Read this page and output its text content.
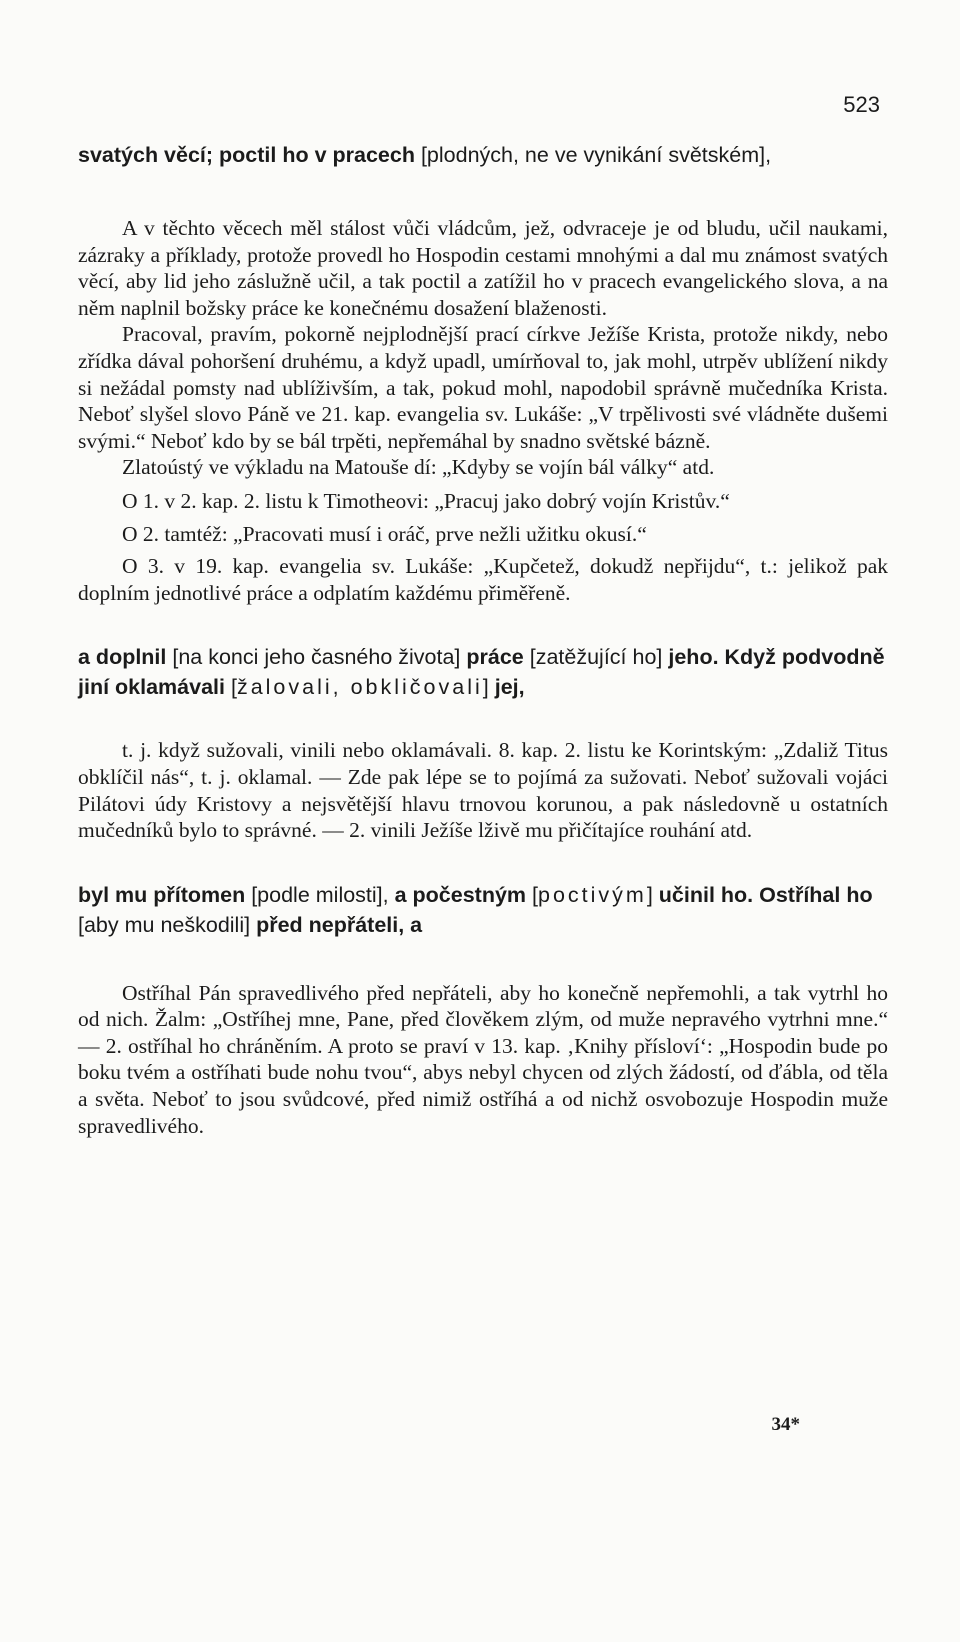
523

svatých věcí; poctil ho v pracech [plodných, ne ve vynikání světském],

A v těchto věcech měl stálost vůči vládcům, jež, odvraceje je od bludu, učil naukami, zázraky a příklady, protože provedl ho Hospodin cestami mnohými a dal mu známost svatých věcí, aby lid jeho záslužně učil, a tak poctil a zatížil ho v pracech evangelického slova, a na něm naplnil božsky práce ke konečnému dosažení blaženosti.

Pracoval, pravím, pokorně nejplodnější prací církve Ježíše Krista, protože nikdy, nebo zřídka dával pohoršení druhému, a když upadl, umírňoval to, jak mohl, utrpěv ublížení nikdy si nežádal pomsty nad ublíživším, a tak, pokud mohl, napodobil správně mučedníka Krista. Neboť slyšel slovo Páně ve 21. kap. evangelia sv. Lukáše: „V trpělivosti své vládněte dušemi svými.“ Neboť kdo by se bál trpěti, nepřemáhal by snadno světské bázně.

Zlatoústý ve výkladu na Matouše dí: „Kdyby se vojín bál války“ atd.

O 1. v 2. kap. 2. listu k Timotheovi: „Pracuj jako dobrý vojín Kristův.“

O 2. tamtéž: „Pracovati musí i oráč, prve nežli užitku okusí.“

O 3. v 19. kap. evangelia sv. Lukáše: „Kupčetež, dokudž nepřijdu“, t.: jelikož pak doplním jednotlivé práce a odplatím každému přiměřeně.

a doplnil [na konci jeho časného života] práce [zatěžující ho] jeho. Když podvodně jiní oklamávali [žalovali, obkličovali] jej,

t. j. když sužovali, vinili nebo oklamávali. 8. kap. 2. listu ke Korintským: „Zdaliž Titus obklíčil nás“, t. j. oklamal. — Zde pak lépe se to pojímá za sužovati. Neboť sužovali vojáci Pilátovi údy Kristovy a nejsvětější hlavu trnovou korunou, a pak následovně u ostatních mučedníků bylo to správné. — 2. vinili Ježíše lživě mu přičítajíce rouhání atd.

byl mu přítomen [podle milosti], a počestným [poctivým] učinil ho. Ostříhal ho [aby mu neškodili] před nepřáteli, a

Ostříhal Pán spravedlivého před nepřáteli, aby ho konečně nepřemohli, a tak vytrhl ho od nich. Žalm: „Ostříhej mne, Pane, před člověkem zlým, od muže nepravého vytrhni mne.“ — 2. ostříhal ho chráněním. A proto se praví v 13. kap. ‚Knihy přísloví‘: „Hospodin bude po boku tvém a ostříhati bude nohu tvou“, abys nebyl chycen od zlých žádostí, od ďábla, od těla a světa. Neboť to jsou svůdcové, před nimiž ostříhá a od nichž osvobozuje Hospodin muže spravedlivého.

34*
